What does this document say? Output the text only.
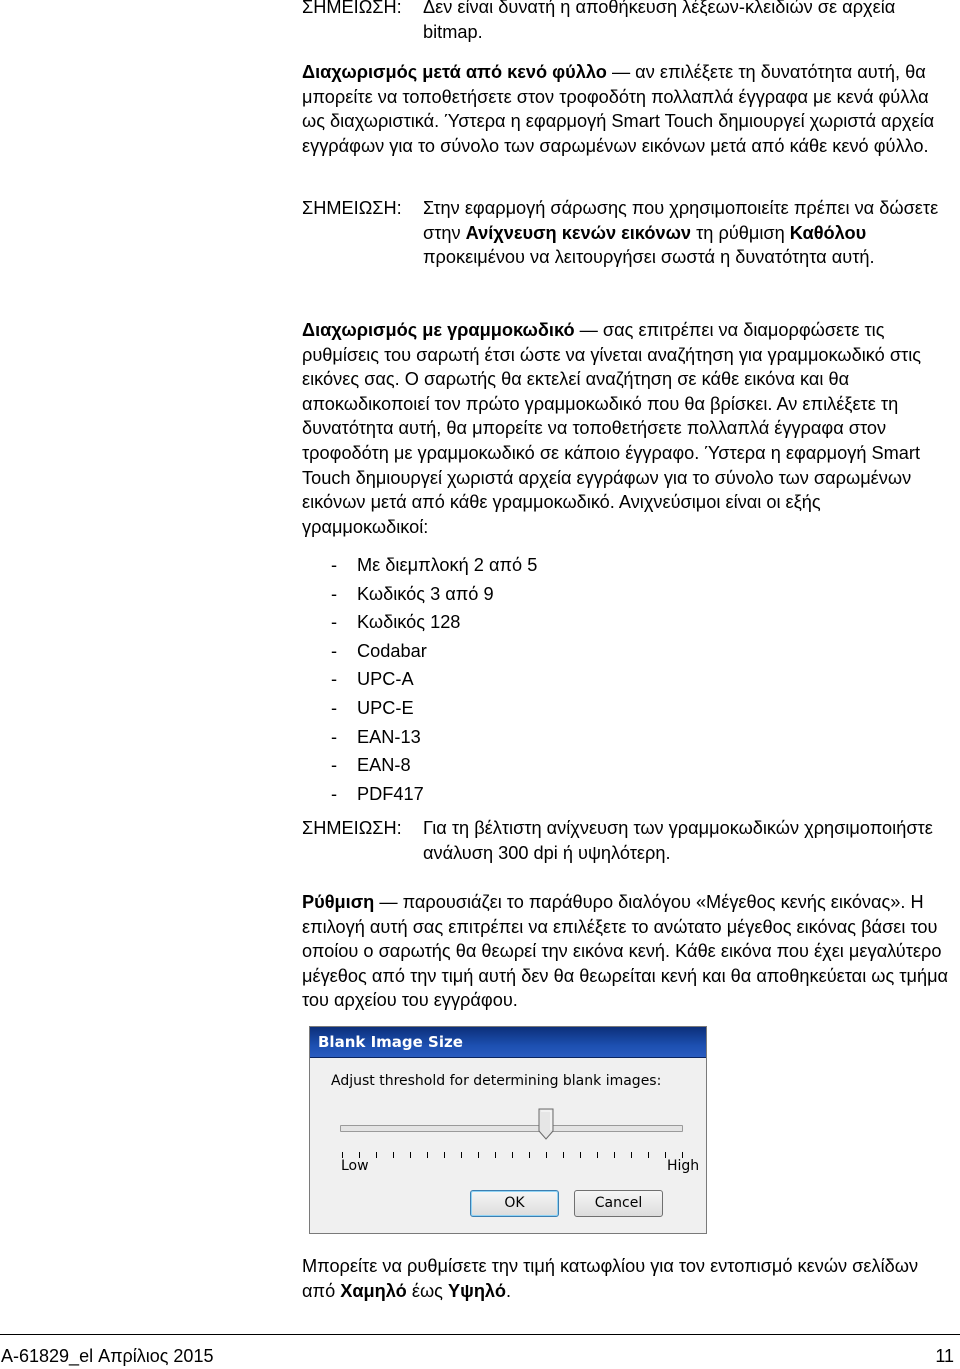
ΣΗΜΕΙΩΣΗ: Δεν είναι δυνατή η αποθήκευση λέξεων-κλειδιών σε αρχεία bitmap.
Διαχωρισμός μετά από κενό φύλλο — αν επιλέξετε τη δυνατότητα αυτή, θα μπορείτε να τοποθετήσετε στον τροφοδότη πολλαπλά έγγραφα με κενά φύλλα ως διαχωριστικά. Ύστερα η εφαρμογή Smart Touch δημιουργεί χωριστά αρχεία εγγράφων για το σύνολο των σαρωμένων εικόνων μετά από κάθε κενό φύλλο.
ΣΗΜΕΙΩΣΗ: Στην εφαρμογή σάρωσης που χρησιμοποιείτε πρέπει να δώσετε στην Ανίχνευση κενών εικόνων τη ρύθμιση Καθόλου προκειμένου να λειτουργήσει σωστά η δυνατότητα αυτή.
Διαχωρισμός με γραμμοκωδικό — σας επιτρέπει να διαμορφώσετε τις ρυθμίσεις του σαρωτή έτσι ώστε να γίνεται αναζήτηση για γραμμοκωδικό στις εικόνες σας. Ο σαρωτής θα εκτελεί αναζήτηση σε κάθε εικόνα και θα αποκωδικοποιεί τον πρώτο γραμμοκωδικό που θα βρίσκει. Αν επιλέξετε τη δυνατότητα αυτή, θα μπορείτε να τοποθετήσετε πολλαπλά έγγραφα στον τροφοδότη με γραμμοκωδικό σε κάποιο έγγραφο. Ύστερα η εφαρμογή Smart Touch δημιουργεί χωριστά αρχεία εγγράφων για το σύνολο των σαρωμένων εικόνων μετά από κάθε γραμμοκωδικό. Ανιχνεύσιμοι είναι οι εξής γραμμοκωδικοί:
- Με διεμπλοκή 2 από 5
- Κωδικός 3 από 9
- Κωδικός 128
- Codabar
- UPC-A
- UPC-E
- EAN-13
- EAN-8
- PDF417
ΣΗΜΕΙΩΣΗ: Για τη βέλτιστη ανίχνευση των γραμμοκωδικών χρησιμοποιήστε ανάλυση 300 dpi ή υψηλότερη.
Ρύθμιση — παρουσιάζει το παράθυρο διαλόγου «Μέγεθος κενής εικόνας». Η επιλογή αυτή σας επιτρέπει να επιλέξετε το ανώτατο μέγεθος εικόνας βάσει του οποίου ο σαρωτής θα θεωρεί την εικόνα κενή. Κάθε εικόνα που έχει μεγαλύτερο μέγεθος από την τιμή αυτή δεν θα θεωρείται κενή και θα αποθηκεύεται ως τμήμα του αρχείου του εγγράφου.
Blank Image Size
Adjust threshold for determining blank images:
Low	High
OK	Cancel
Μπορείτε να ρυθμίσετε την τιμή κατωφλίου για τον εντοπισμό κενών σελίδων από Χαμηλό έως Υψηλό.
A-61829_el Απρίλιος 2015	11
